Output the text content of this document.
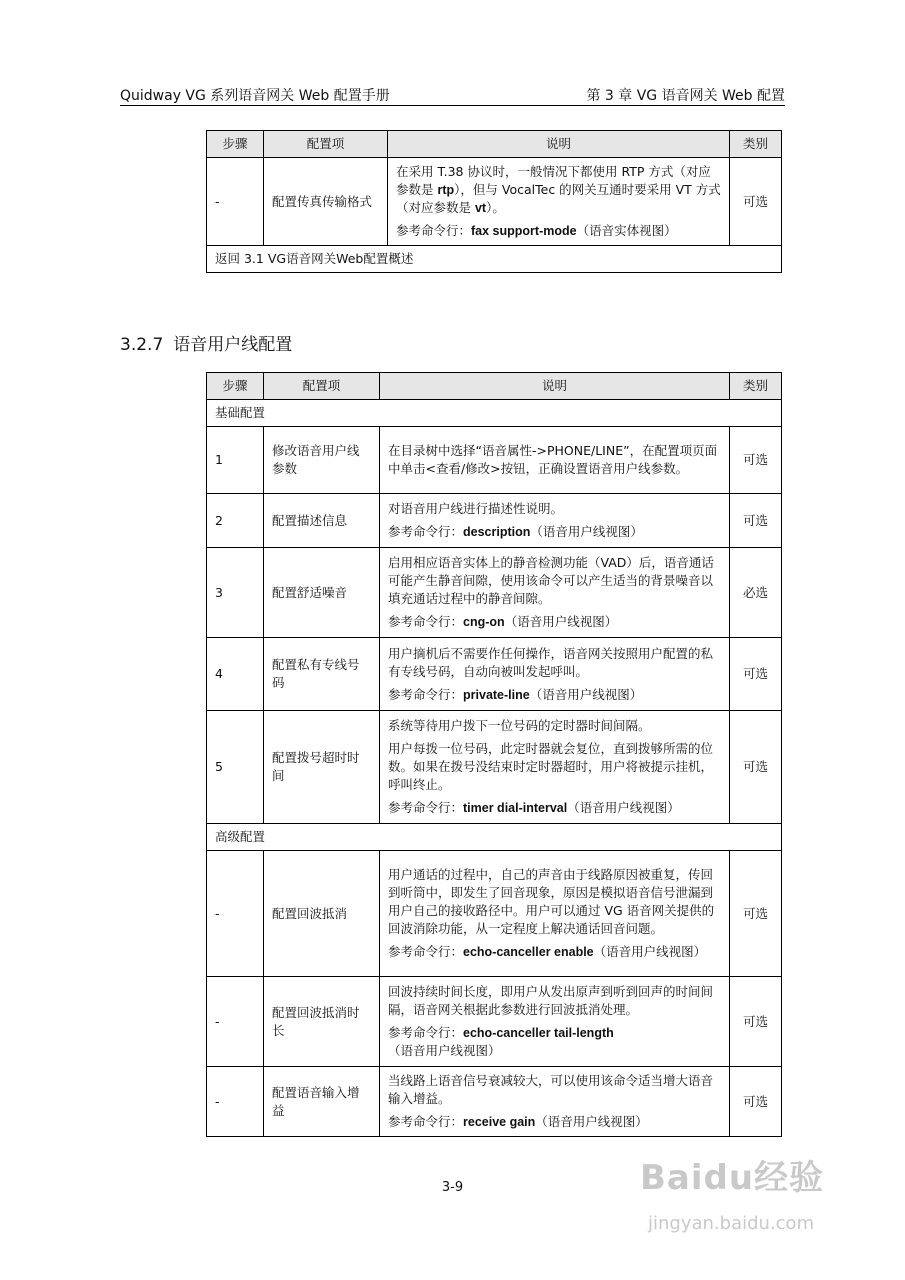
Quidway VG 系列语音网关 Web 配置手册	第 3 章 VG 语音网关 Web 配置
步骤	配置项	说明	类别
-	配置传真传输格式	在采用 T.38 协议时，一般情况下都使用 RTP 方式（对应参数是 rtp），但与 VocalTec 的网关互通时要采用 VT 方式（对应参数是 vt）。

参考命令行：fax support-mode（语音实体视图）	可选
返回 3.1 VG语音网关Web配置概述			
3.2.7 语音用户线配置
步骤	配置项	说明	类别
基础配置			
1	修改语音用户线参数	在目录树中选择“语音属性->PHONE/LINE”，在配置项页面中单击<查看/修改>按钮，正确设置语音用户线参数。	可选
2	配置描述信息	对语音用户线进行描述性说明。

参考命令行：description（语音用户线视图）	可选
3	配置舒适噪音	启用相应语音实体上的静音检测功能（VAD）后，语音通话可能产生静音间隙，使用该命令可以产生适当的背景噪音以填充通话过程中的静音间隙。

参考命令行：cng-on（语音用户线视图）	必选
4	配置私有专线号码	用户摘机后不需要作任何操作，语音网关按照用户配置的私有专线号码，自动向被叫发起呼叫。

参考命令行：private-line（语音用户线视图）	可选
5	配置拨号超时时间	系统等待用户拨下一位号码的定时器时间间隔。

用户每拨一位号码，此定时器就会复位，直到拨够所需的位数。如果在拨号没结束时定时器超时，用户将被提示挂机，呼叫终止。

参考命令行：timer dial-interval（语音用户线视图）	可选
高级配置			
-	配置回波抵消	用户通话的过程中，自己的声音由于线路原因被重复，传回到听筒中，即发生了回音现象，原因是模拟语音信号泄漏到用户自己的接收路径中。用户可以通过 VG 语音网关提供的回波消除功能，从一定程度上解决通话回音问题。

参考命令行：echo-canceller enable（语音用户线视图）	可选
-	配置回波抵消时长	回波持续时间长度，即用户从发出原声到听到回声的时间间隔，语音网关根据此参数进行回波抵消处理。

参考命令行：echo-canceller tail-length（语音用户线视图）	可选
-	配置语音输入增益	当线路上语音信号衰减较大，可以使用该命令适当增大语音输入增益。

参考命令行：receive gain（语音用户线视图）	可选
3-9	Baidu经验
jingyan.baidu.com
